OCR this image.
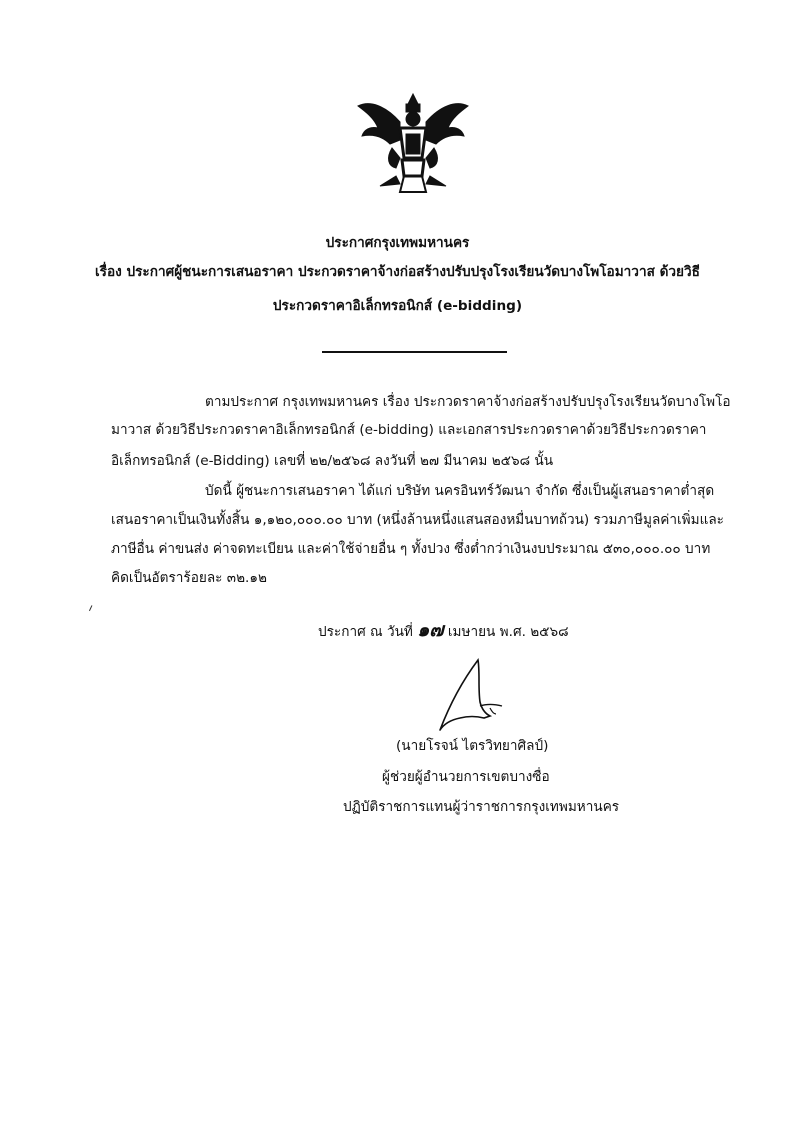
ประกาศกรุงเทพมหานคร
เรื่อง ประกาศผู้ชนะการเสนอราคา ประกวดราคาจ้างก่อสร้างปรับปรุงโรงเรียนวัดบางโพโอมาวาส ด้วยวิธี
ประกวดราคาอิเล็กทรอนิกส์ (e-bidding)
ตามประกาศ กรุงเทพมหานคร เรื่อง ประกวดราคาจ้างก่อสร้างปรับปรุงโรงเรียนวัดบางโพโอ
มาวาส ด้วยวิธีประกวดราคาอิเล็กทรอนิกส์ (e-bidding) และเอกสารประกวดราคาด้วยวิธีประกวดราคา
อิเล็กทรอนิกส์ (e-Bidding) เลขที่ ๒๒/๒๕๖๘ ลงวันที่ ๒๗ มีนาคม ๒๕๖๘ นั้น
บัดนี้ ผู้ชนะการเสนอราคา ได้แก่ บริษัท นครอินทร์วัฒนา จำกัด ซึ่งเป็นผู้เสนอราคาต่ำสุด
เสนอราคาเป็นเงินทั้งสิ้น ๑,๑๒๐,๐๐๐.๐๐ บาท (หนึ่งล้านหนึ่งแสนสองหมื่นบาทถ้วน) รวมภาษีมูลค่าเพิ่มและ
ภาษีอื่น ค่าขนส่ง ค่าจดทะเบียน และค่าใช้จ่ายอื่น ๆ ทั้งปวง ซึ่งต่ำกว่าเงินงบประมาณ ๕๓๐,๐๐๐.๐๐ บาท
คิดเป็นอัตราร้อยละ ๓๒.๑๒
ประกาศ ณ วันที่ ๑๗ เมษายน พ.ศ. ๒๕๖๘
(นายโรจน์ ไตรวิทยาศิลป์)
ผู้ช่วยผู้อำนวยการเขตบางซื่อ
ปฏิบัติราชการแทนผู้ว่าราชการกรุงเทพมหานคร
